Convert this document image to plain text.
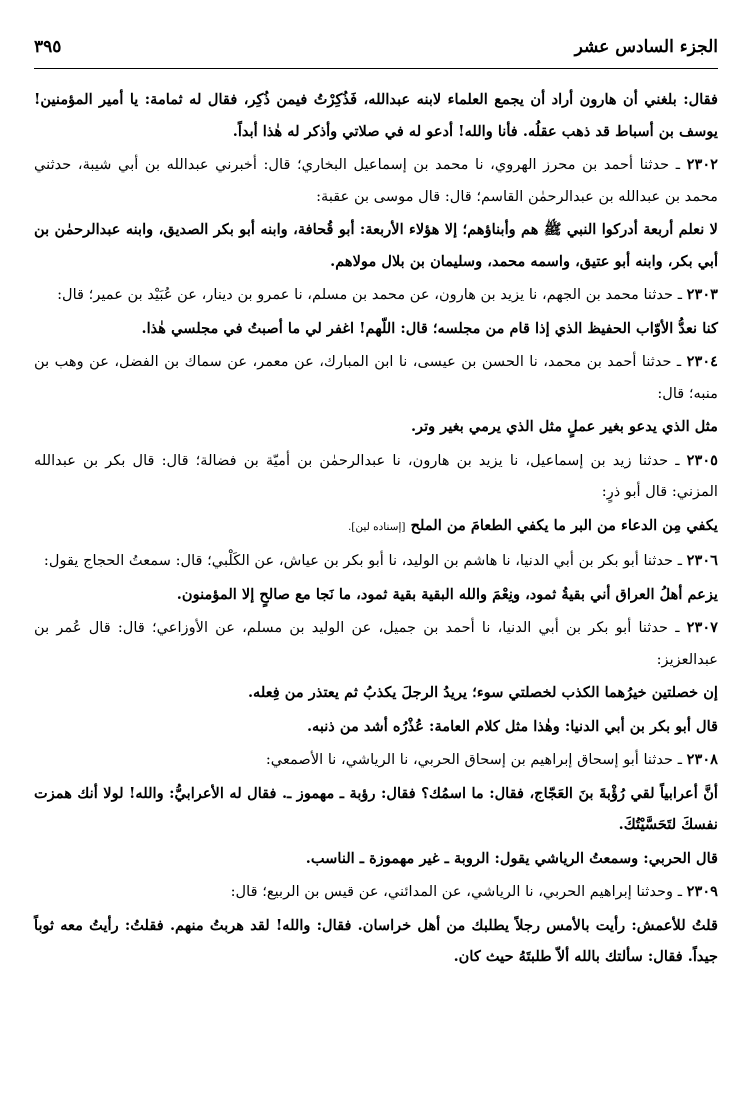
الجزء السادس عشر
٣٩٥

فقال: بلغني أن هارون أراد أن يجمع العلماء لابنه عبدالله، فَذُكِرْتُ فيمن ذُكِر، فقال له ثمامة: يا أمير المؤمنين! يوسف بن أسباط قد ذهب عقلُه. فأنا والله! أدعو له في صلاتي وأذكر له هٰذا أبداً.

٢٣٠٢ ـ حدثنا أحمد بن محرز الهروي، نا محمد بن إسماعيل البخاري؛ قال: أخبرني عبدالله بن أبي شيبة، حدثني محمد بن عبدالله بن عبدالرحمٰن القاسم؛ قال: قال موسى بن عقبة:

لا نعلم أربعة أدركوا النبي ﷺ هم وأبناؤهم؛ إلا هؤلاء الأربعة: أبو قُحافة، وابنه أبو بكر الصديق، وابنه عبدالرحمٰن بن أبي بكر، وابنه أبو عتيق، واسمه محمد، وسليمان بن بلال مولاهم.

٢٣٠٣ ـ حدثنا محمد بن الجهم، نا يزيد بن هارون، عن محمد بن مسلم، نا عمرو بن دينار، عن عُبَيْد بن عمير؛ قال:

كنا نعدُّ الأوّاب الحفيظ الذي إذا قام من مجلسه؛ قال: اللّهم! اغفر لي ما أصبتُ في مجلسي هٰذا.

٢٣٠٤ ـ حدثنا أحمد بن محمد، نا الحسن بن عيسى، نا ابن المبارك، عن معمر، عن سماك بن الفضل، عن وهب بن منبه؛ قال:

مثل الذي يدعو بغير عملٍ مثل الذي يرمي بغير وتر.

٢٣٠٥ ـ حدثنا زيد بن إسماعيل، نا يزيد بن هارون، نا عبدالرحمٰن بن أميّة بن فضالة؛ قال: قال بكر بن عبدالله المزني: قال أبو ذرٍ:

يكفي مِن الدعاء من البر ما يكفي الطعامَ من الملح [إسناده لين].

٢٣٠٦ ـ حدثنا أبو بكر بن أبي الدنيا، نا هاشم بن الوليد، نا أبو بكر بن عياش، عن الكَلْبي؛ قال: سمعتُ الحجاج يقول:

يزعم أهلُ العراق أني بقيةُ ثمود، ونِعْمَ والله البقية بقية ثمود، ما نَجا مع صالحٍ إلا المؤمنون.

٢٣٠٧ ـ حدثنا أبو بكر بن أبي الدنيا، نا أحمد بن جميل، عن الوليد بن مسلم، عن الأوزاعي؛ قال: قال عُمر بن عبدالعزيز:

إن خصلتين خيرُهما الكذب لخصلتي سوء؛ يريدُ الرجلَ يكذبُ ثم يعتذر من فِعله.

قال أبو بكر بن أبي الدنيا: وهٰذا مثل كلام العامة: عُذْرُه أشد من ذنبه.

٢٣٠٨ ـ حدثنا أبو إسحاق إبراهيم بن إسحاق الحربي، نا الرياشي، نا الأصمعي:

أنَّ أعرابياً لقي رُؤْبةَ بنَ العَجّاج، فقال: ما اسمُك؟ فقال: رؤبة ـ مهموز ـ. فقال له الأعرابيُّ: والله! لولا أنك همزت نفسكَ لتَحَسَّيْتُكَ.

قال الحربي: وسمعتُ الرياشي يقول: الروبة ـ غير مهموزة ـ الناسب.

٢٣٠٩ ـ وحدثنا إبراهيم الحربي، نا الرياشي، عن المدائني، عن قيس بن الربيع؛ قال:

قلتُ للأعمش: رأيت بالأمس رجلاً يطلبك من أهل خراسان. فقال: والله! لقد هربتُ منهم. فقلتُ: رأيتُ معه ثوباً جيداً. فقال: سألتك بالله ألاّ طلبتَهُ حيث كان.
